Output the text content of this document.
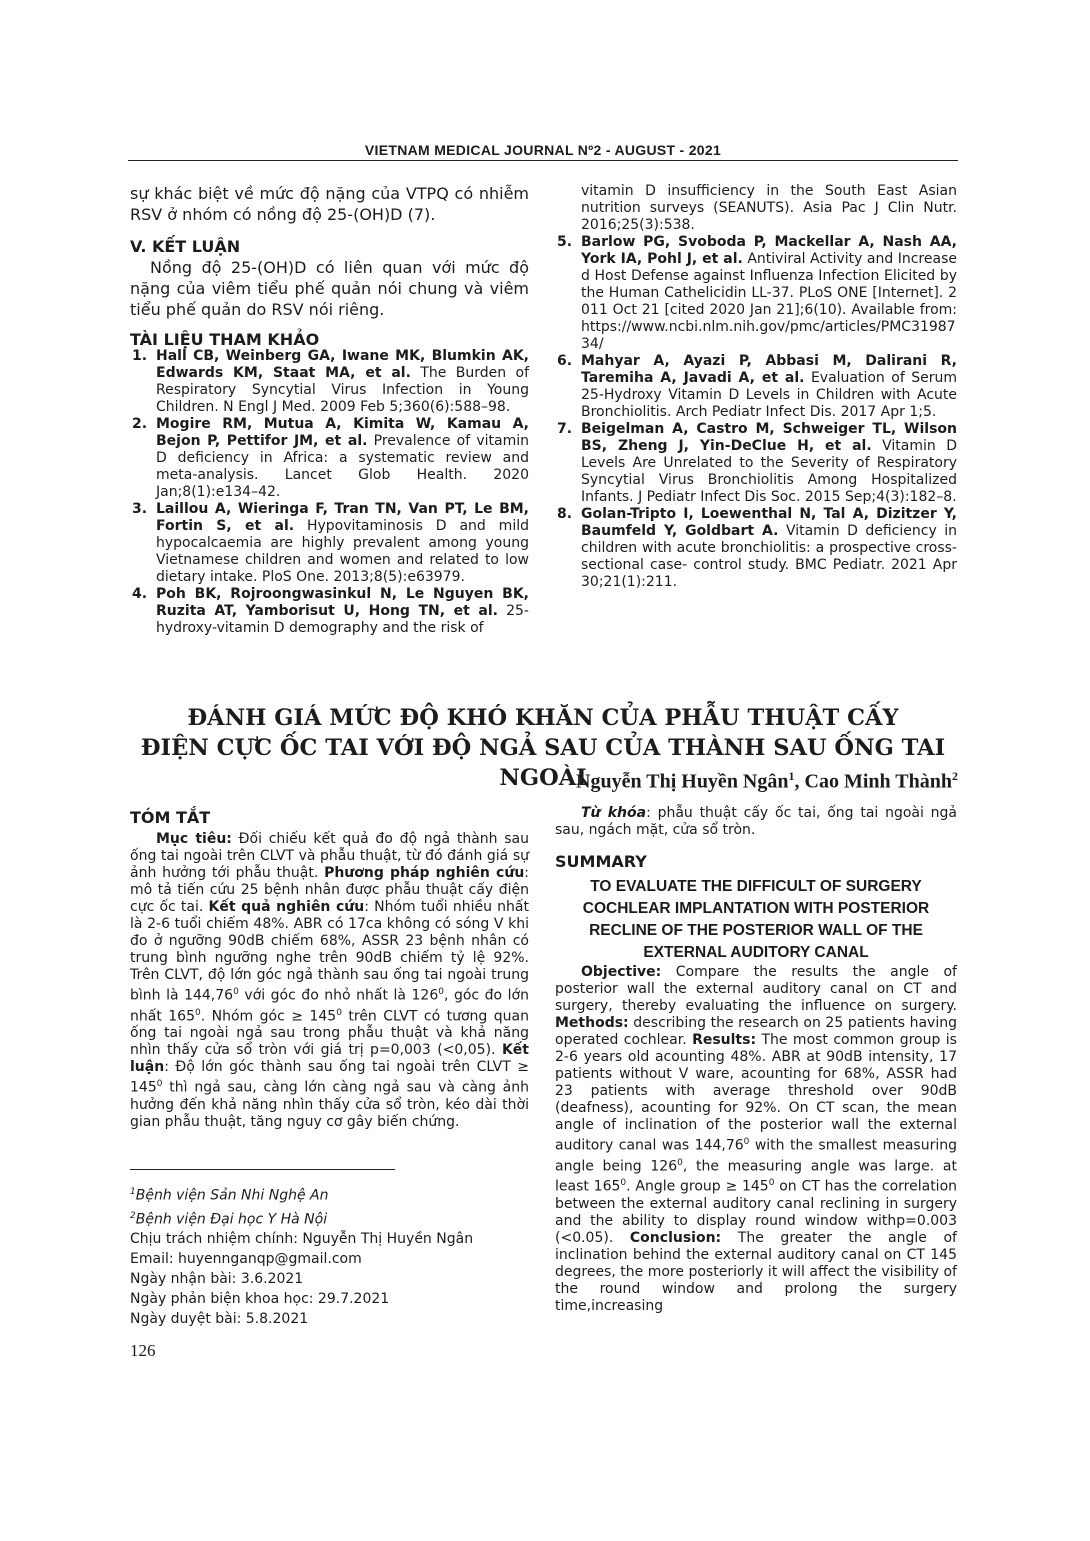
VIETNAM MEDICAL JOURNAL Nº2 - AUGUST - 2021

sự khác biệt về mức độ nặng của VTPQ có nhiễm RSV ở nhóm có nồng độ 25-(OH)D (7).

V. KẾT LUẬN

Nồng độ 25-(OH)D có liên quan với mức độ nặng của viêm tiểu phế quản nói chung và viêm tiểu phế quản do RSV nói riêng.

TÀI LIỆU THAM KHẢO
1. Hall CB, Weinberg GA, Iwane MK, Blumkin AK, Edwards KM, Staat MA, et al. The Burden of Respiratory Syncytial Virus Infection in Young Children. N Engl J Med. 2009 Feb 5;360(6):588–98.
2. Mogire RM, Mutua A, Kimita W, Kamau A, Bejon P, Pettifor JM, et al. Prevalence of vitamin D deficiency in Africa: a systematic review and meta-analysis. Lancet Glob Health. 2020 Jan;8(1):e134–42.
3. Laillou A, Wieringa F, Tran TN, Van PT, Le BM, Fortin S, et al. Hypovitaminosis D and mild hypocalcaemia are highly prevalent among young Vietnamese children and women and related to low dietary intake. PloS One. 2013;8(5):e63979.
4. Poh BK, Rojroongwasinkul N, Le Nguyen BK, Ruzita AT, Yamborisut U, Hong TN, et al. 25-hydroxy-vitamin D demography and the risk of
vitamin D insufficiency in the South East Asian nutrition surveys (SEANUTS). Asia Pac J Clin Nutr. 2016;25(3):538.
5. Barlow PG, Svoboda P, Mackellar A, Nash AA, York IA, Pohl J, et al. Antiviral Activity and Increased Host Defense against Influenza Infection Elicited by the Human Cathelicidin LL-37. PLoS ONE [Internet]. 2011 Oct 21 [cited 2020 Jan 21];6(10). Available from: https://www.ncbi.nlm.nih.gov/pmc/articles/PMC3198734/
6. Mahyar A, Ayazi P, Abbasi M, Dalirani R, Taremiha A, Javadi A, et al. Evaluation of Serum 25-Hydroxy Vitamin D Levels in Children with Acute Bronchiolitis. Arch Pediatr Infect Dis. 2017 Apr 1;5.
7. Beigelman A, Castro M, Schweiger TL, Wilson BS, Zheng J, Yin-DeClue H, et al. Vitamin D Levels Are Unrelated to the Severity of Respiratory Syncytial Virus Bronchiolitis Among Hospitalized Infants. J Pediatr Infect Dis Soc. 2015 Sep;4(3):182–8.
8. Golan-Tripto I, Loewenthal N, Tal A, Dizitzer Y, Baumfeld Y, Goldbart A. Vitamin D deficiency in children with acute bronchiolitis: a prospective cross-sectional case- control study. BMC Pediatr. 2021 Apr 30;21(1):211.
ĐÁNH GIÁ MỨC ĐỘ KHÓ KHĂN CỦA PHẪU THUẬT CẤY
ĐIỆN CỰC ỐC TAI VỚI ĐỘ NGẢ SAU CỦA THÀNH SAU ỐNG TAI NGOÀI
Nguyễn Thị Huyền Ngân$^1$, Cao Minh Thành$^2$
TÓM TẮT

Mục tiêu: Đối chiếu kết quả đo độ ngả thành sau ống tai ngoài trên CLVT và phẫu thuật, từ đó đánh giá sự ảnh hưởng tới phẫu thuật. Phương pháp nghiên cứu: mô tả tiến cứu 25 bệnh nhân được phẫu thuật cấy điện cực ốc tai. Kết quả nghiên cứu: Nhóm tuổi nhiều nhất là 2-6 tuổi chiếm 48%. ABR có 17ca không có sóng V khi đo ở ngưỡng 90dB chiếm 68%, ASSR 23 bệnh nhân có trung bình ngưỡng nghe trên 90dB chiếm tỷ lệ 92%. Trên CLVT, độ lớn góc ngả thành sau ống tai ngoài trung bình là 144,76$^0$ với góc đo nhỏ nhất là $126^0$, góc đo lớn nhất $165^0$. Nhóm góc ≥ $145^0$ trên CLVT có tương quan ống tai ngoài ngả sau trong phẫu thuật và khả năng nhìn thấy cửa sổ tròn với giá trị p=0,003 (<0,05). Kết luận: Độ lớn góc thành sau ống tai ngoài trên CLVT ≥ $145^0$ thì ngả sau, càng lớn càng ngả sau và càng ảnh hưởng đến khả năng nhìn thấy cửa sổ tròn, kéo dài thời gian phẫu thuật, tăng nguy cơ gây biến chứng.

$^1$Bệnh viện Sản Nhi Nghệ An
$^2$Bệnh viện Đại học Y Hà Nội
Chịu trách nhiệm chính: Nguyễn Thị Huyền Ngân
Email: huyennganqp@gmail.com
Ngày nhận bài: 3.6.2021
Ngày phản biện khoa học: 29.7.2021
Ngày duyệt bài: 5.8.2021
126

Từ khóa: phẫu thuật cấy ốc tai, ống tai ngoài ngả sau, ngách mặt, cửa sổ tròn.

SUMMARY
TO EVALUATE THE DIFFICULT OF SURGERY COCHLEAR IMPLANTATION WITH POSTERIOR RECLINE OF THE POSTERIOR WALL OF THE EXTERNAL AUDITORY CANAL

Objective: Compare the results the angle of posterior wall the external auditory canal on CT and surgery, thereby evaluating the influence on surgery. Methods: describing the research on 25 patients having operated cochlear. Results: The most common group is 2-6 years old acounting 48%. ABR at 90dB intensity, 17 patients without V ware, acounting for 68%, ASSR had 23 patients with average threshold over 90dB (deafness), acounting for 92%. On CT scan, the mean angle of inclination of the posterior wall the external auditory canal was 144,76$^0$ with the smallest measuring angle being $126^0$, the measuring angle was large. at least $165^0$. Angle group ≥ $145^0$ on CT has the correlation between the external auditory canal reclining in surgery and the ability to display round window withp=0.003 (<0.05). Conclusion: The greater the angle of inclination behind the external auditory canal on CT 145 degrees, the more posteriorly it will affect the visibility of the round window and prolong the surgery time,increasing
